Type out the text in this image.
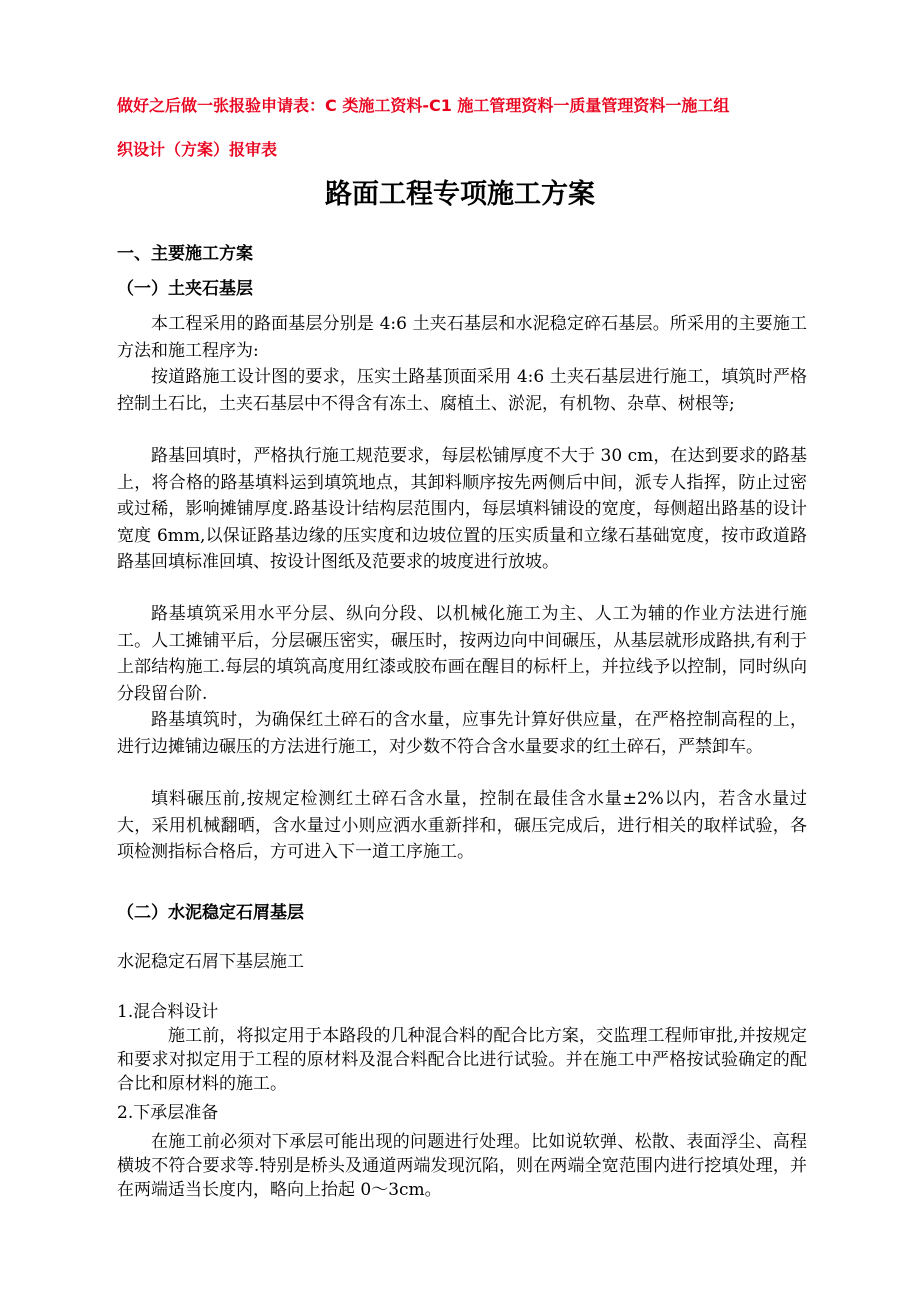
做好之后做一张报验申请表：C 类施工资料-C1 施工管理资料一质量管理资料一施工组
织设计（方案）报审表
路面工程专项施工方案
一、主要施工方案
（一）土夹石基层
本工程采用的路面基层分别是 4:6 土夹石基层和水泥稳定碎石基层。所采用的主要施工方法和施工程序为:
按道路施工设计图的要求，压实土路基顶面采用 4:6 土夹石基层进行施工，填筑时严格控制土石比，土夹石基层中不得含有冻土、腐植土、淤泥，有机物、杂草、树根等;
路基回填时，严格执行施工规范要求，每层松铺厚度不大于 30 cm，在达到要求的路基上，将合格的路基填料运到填筑地点，其卸料顺序按先两侧后中间，派专人指挥，防止过密或过稀，影响摊铺厚度.路基设计结构层范围内，每层填料铺设的宽度，每侧超出路基的设计宽度 6mm,以保证路基边缘的压实度和边坡位置的压实质量和立缘石基础宽度，按市政道路路基回填标准回填、按设计图纸及范要求的坡度进行放坡。
路基填筑采用水平分层、纵向分段、以机械化施工为主、人工为辅的作业方法进行施工。人工摊铺平后，分层碾压密实，碾压时，按两边向中间碾压，从基层就形成路拱,有利于上部结构施工.每层的填筑高度用红漆或胶布画在醒目的标杆上，并拉线予以控制，同时纵向分段留台阶.
路基填筑时，为确保红土碎石的含水量，应事先计算好供应量，在严格控制高程的上，进行边摊铺边碾压的方法进行施工，对少数不符合含水量要求的红土碎石，严禁卸车。
填料碾压前,按规定检测红土碎石含水量，控制在最佳含水量±2%以内，若含水量过大，采用机械翻晒，含水量过小则应洒水重新拌和，碾压完成后，进行相关的取样试验，各项检测指标合格后，方可进入下一道工序施工。
（二）水泥稳定石屑基层
水泥稳定石屑下基层施工
1.混合料设计
施工前，将拟定用于本路段的几种混合料的配合比方案，交监理工程师审批,并按规定和要求对拟定用于工程的原材料及混合料配合比进行试验。并在施工中严格按试验确定的配合比和原材料的施工。
2.下承层准备
在施工前必须对下承层可能出现的问题进行处理。比如说软弹、松散、表面浮尘、高程横坡不符合要求等.特别是桥头及通道两端发现沉陷，则在两端全宽范围内进行挖填处理，并在两端适当长度内，略向上抬起 0～3cm。
